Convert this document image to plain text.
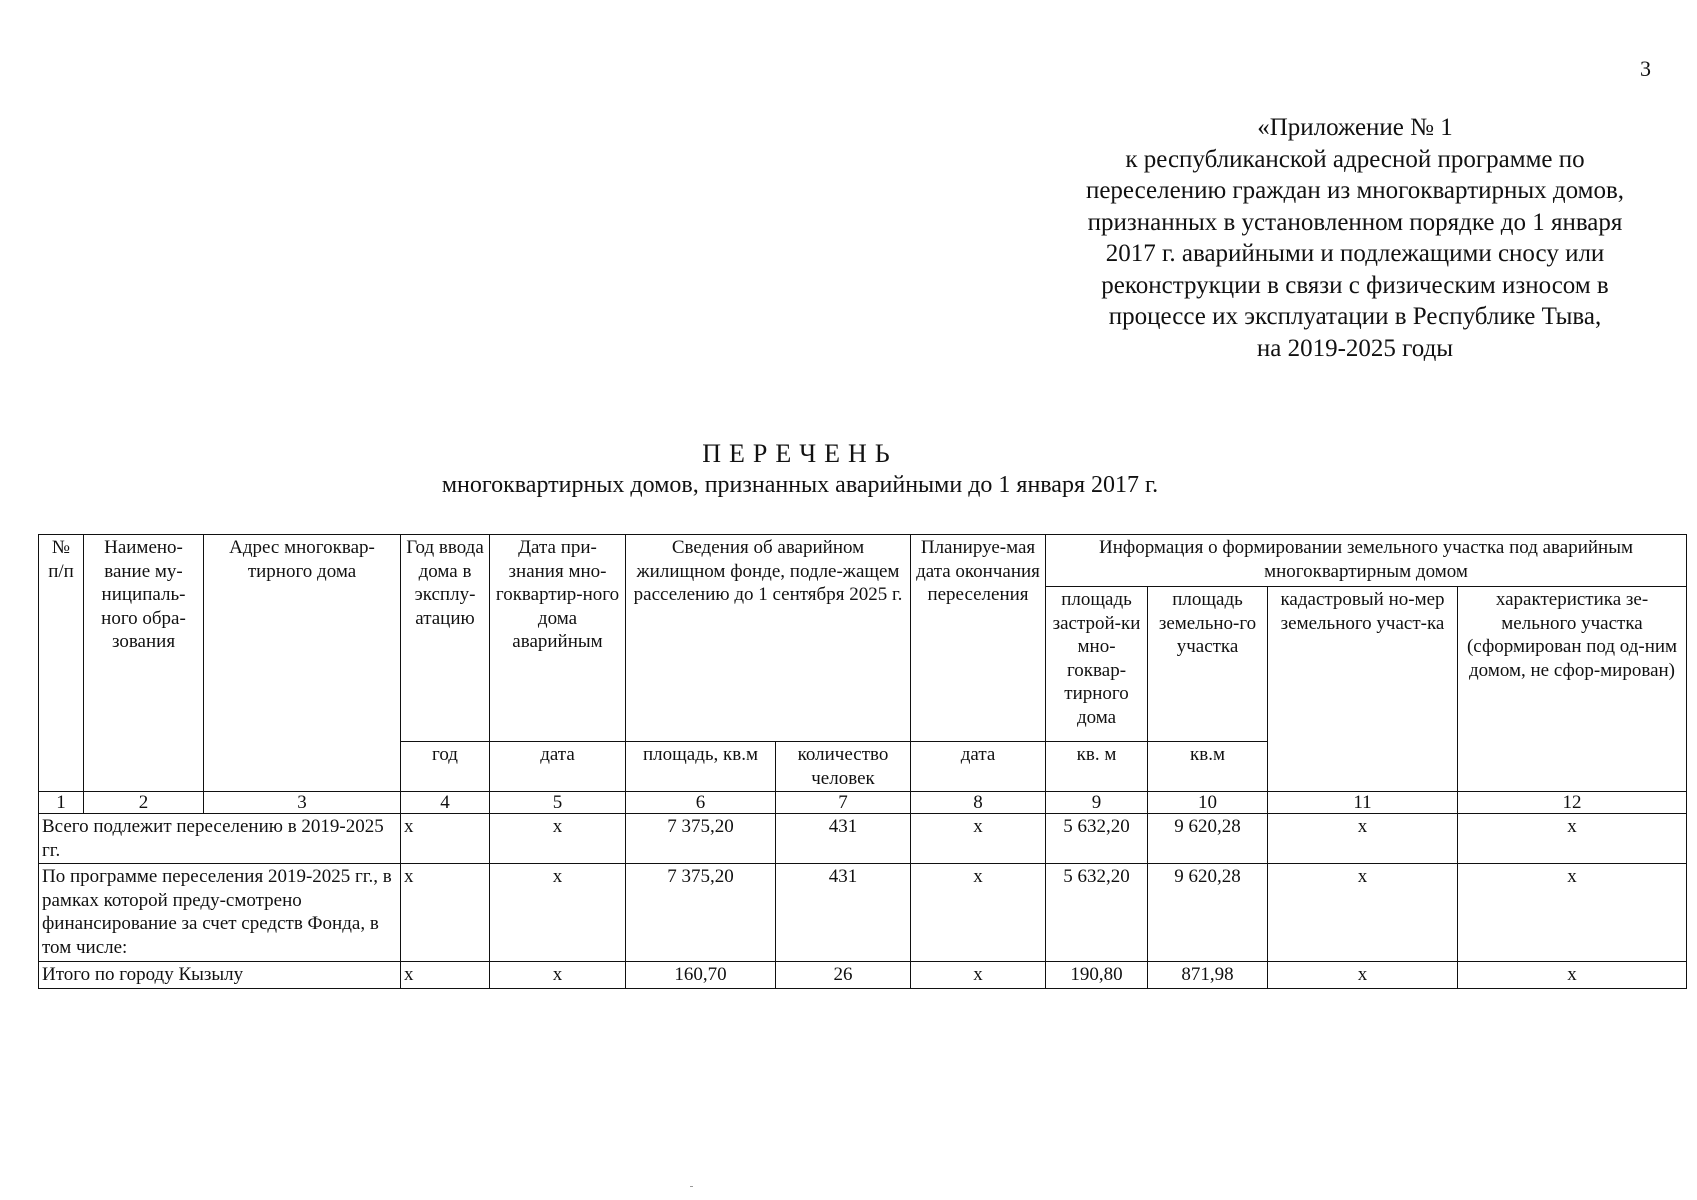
3
«Приложение № 1
к республиканской адресной программе по
переселению граждан из многоквартирных домов,
признанных в установленном порядке до 1 января
2017 г. аварийными и подлежащими сносу или
реконструкции в связи с физическим износом в
процессе их эксплуатации в Республике Тыва,
на 2019-2025 годы
ПЕРЕЧЕНЬ
многоквартирных домов, признанных аварийными до 1 января 2017 г.
№ п/п	Наимено-вание му-ниципаль-ного обра-зования	Адрес многоквар-тирного дома	Год ввода дома в эксплу-атацию	Дата при-знания мно-гоквартир-ного дома аварийным	Сведения об аварийном жилищном фонде, подле-жащем расселению до 1 сентября 2025 г.		Планируе-мая дата окончания переселения	Информация о формировании земельного участка под аварийным многоквартирным домом			
								площадь застрой-ки мно-гоквар-тирного дома	площадь земельно-го участка	кадастровый но-мер земельного участ-ка	характеристика зе-мельного участка (сформирован под од-ним домом, не сфор-мирован)
			год	дата	площадь, кв.м	количество человек	дата	кв. м	кв.м		
1	2	3	4	5	6	7	8	9	10	11	12
Всего подлежит переселению в 2019-2025 гг.			х	х	7 375,20	431	х	5 632,20	9 620,28	х	х
По программе переселения 2019-2025 гг., в рамках которой преду-смотрено финансирование за счет средств Фонда, в том числе:			х	х	7 375,20	431	х	5 632,20	9 620,28	х	х
Итого по городу Кызылу			х	х	160,70	26	х	190,80	871,98	х	х
